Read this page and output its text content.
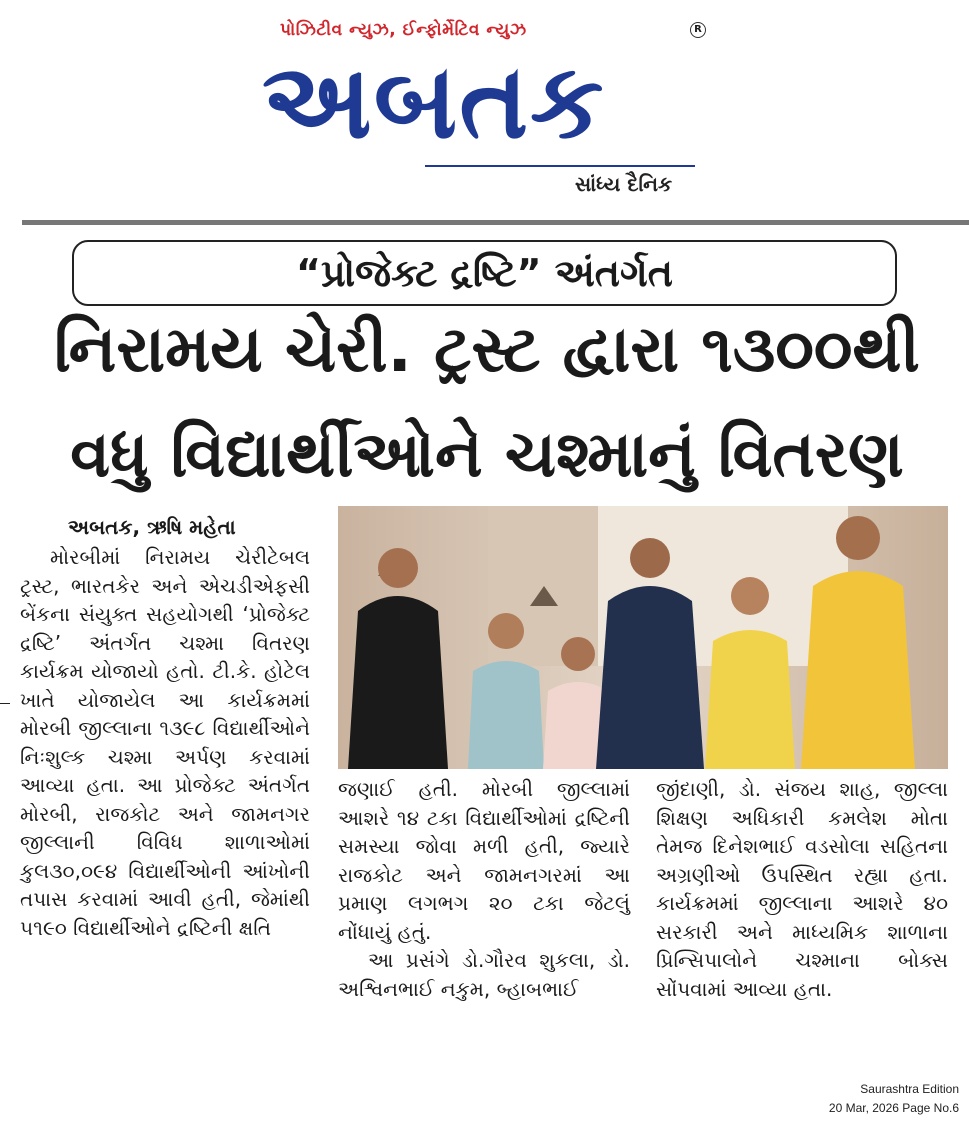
પોઝિટીવ ન્યુઝ, ઈન્ફોર્મેટિવ ન્યુઝ	R
અબતક
સાંધ્ય દૈનિક
“પ્રોજેક્ટ દ્રષ્ટિ” અંતર્ગત
નિરામય ચેરી. ટ્રસ્ટ દ્વારા ૧૩૦૦થી
વધુ વિદ્યાર્થીઓને ચશ્માનું વિતરણ
અબતક, ઋષિ મહેતા

મોરબીમાં નિરામય ચેરીટેબલ ટ્રસ્ટ, ભારતકેર અને એચડીએફસી બેંકના સંયુક્ત સહયોગથી ‘પ્રોજેક્ટ દ્રષ્ટિ’ અંતર્ગત ચશ્મા વિતરણ કાર્યક્રમ યોજાયો હતો. ટી.કે. હોટેલ ખાતે યોજાયેલ આ કાર્યક્રમમાં મોરબી જીલ્લાના ૧૩૯૮ વિદ્યાર્થીઓને નિઃશુલ્ક ચશ્મા અર્પણ કરવામાં આવ્યા હતા. આ પ્રોજેક્ટ અંતર્ગત મોરબી, રાજકોટ અને જામનગર જીલ્લાની વિવિધ શાળાઓમાં કુલ૩૦,૦૯૪ વિદ્યાર્થીઓની આંખોની તપાસ કરવામાં આવી હતી, જેમાંથી ૫૧૯૦ વિદ્યાર્થીઓને દ્રષ્ટિની ક્ષતિ

જણાઈ હતી. મોરબી જીલ્લામાં આશરે ૧૪ ટકા વિદ્યાર્થીઓમાં દ્રષ્ટિની સમસ્યા જોવા મળી હતી, જ્યારે રાજકોટ અને જામનગરમાં આ પ્રમાણ લગભગ ૨૦ ટકા જેટલું નોંધાયું હતું.

આ પ્રસંગે ડો.ગૌરવ શુકલા, ડો. અશ્વિનભાઈ નકુમ, બ્હાબભાઈ

જીંદાણી, ડો. સંજય શાહ, જીલ્લા શિક્ષણ અધિકારી કમલેશ મોતા તેમજ દિનેશભાઈ વડસોલા સહિતના અગ્રણીઓ ઉપસ્થિત રહ્યા હતા. કાર્યક્રમમાં જીલ્લાના આશરે ૪૦ સરકારી અને માધ્યમિક શાળાના પ્રિન્સિપાલોને ચશ્માના બોક્સ સોંપવામાં આવ્યા હતા.

Saurashtra Edition
20 Mar, 2026 Page No.6
